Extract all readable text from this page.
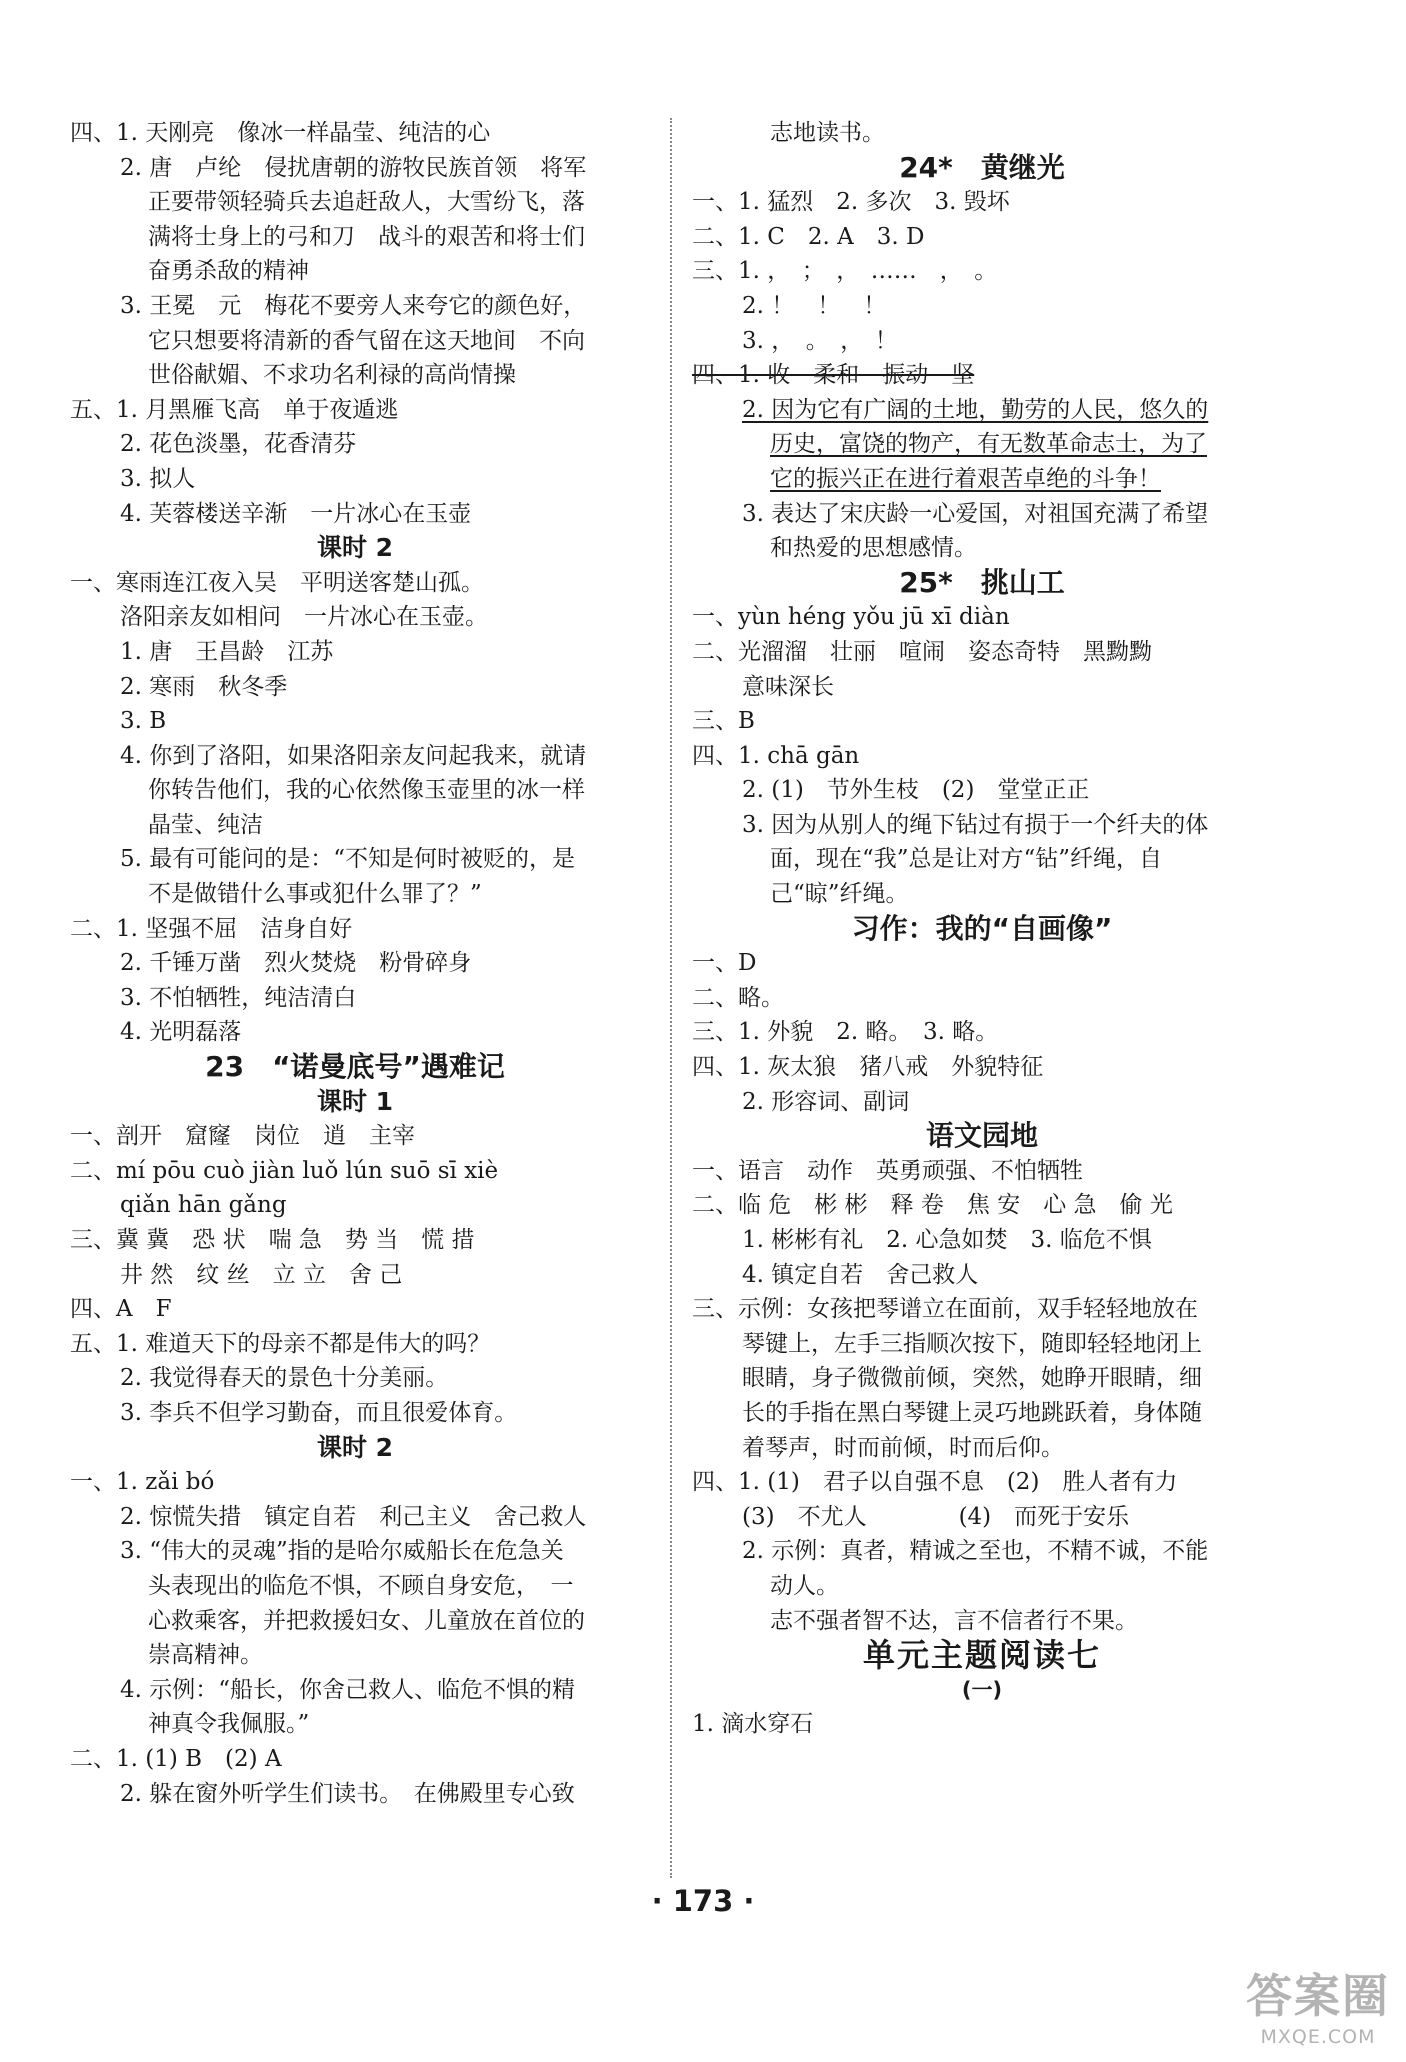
四、1. 天刚亮　像冰一样晶莹、纯洁的心
2. 唐　卢纶　侵扰唐朝的游牧民族首领　将军
正要带领轻骑兵去追赶敌人，大雪纷飞，落
满将士身上的弓和刀　战斗的艰苦和将士们
奋勇杀敌的精神
3. 王冕　元　梅花不要旁人来夸它的颜色好，
它只想要将清新的香气留在这天地间　不向
世俗献媚、不求功名利禄的高尚情操
五、1. 月黑雁飞高　单于夜遁逃
2. 花色淡墨，花香清芬
3. 拟人
4. 芙蓉楼送辛渐　一片冰心在玉壶
课时 2
一、寒雨连江夜入吴　平明送客楚山孤。
洛阳亲友如相问　一片冰心在玉壶。
1. 唐　王昌龄　江苏
2. 寒雨　秋冬季
3. B
4. 你到了洛阳，如果洛阳亲友问起我来，就请
你转告他们，我的心依然像玉壶里的冰一样
晶莹、纯洁
5. 最有可能问的是：“不知是何时被贬的，是
不是做错什么事或犯什么罪了？”
二、1. 坚强不屈　洁身自好
2. 千锤万凿　烈火焚烧　粉骨碎身
3. 不怕牺牲，纯洁清白
4. 光明磊落
23　“诺曼底号”遇难记
课时 1
一、剖开　窟窿　岗位　逍　主宰
二、mí pōu cuò jiàn luǒ lún suō sī xiè
qiǎn hān gǎng
三、冀 冀　恐 状　喘 急　势 当　慌 措
井 然　纹 丝　立 立　舍 己
四、A　F
五、1. 难道天下的母亲不都是伟大的吗？
2. 我觉得春天的景色十分美丽。
3. 李兵不但学习勤奋，而且很爱体育。
课时 2
一、1. zǎi bó
2. 惊慌失措　镇定自若　利己主义　舍己救人
3. “伟大的灵魂”指的是哈尔威船长在危急关
头表现出的临危不惧，不顾自身安危，　一
心救乘客，并把救援妇女、儿童放在首位的
崇高精神。
4. 示例：“船长，你舍己救人、临危不惧的精
神真令我佩服。”
二、1. (1) B　(2) A
2. 躲在窗外听学生们读书。　在佛殿里专心致
志地读书。
24*　黄继光
一、1. 猛烈　2. 多次　3. 毁坏
二、1. C　2. A　3. D
三、1. ，　；　，　……　，　。
2. ！　！　！
3. ，　。　，　！
四、1. 收　柔和　振动　坚
2. 因为它有广阔的土地，勤劳的人民，悠久的
历史，富饶的物产，有无数革命志士，为了
它的振兴正在进行着艰苦卓绝的斗争！
3. 表达了宋庆龄一心爱国，对祖国充满了希望
和热爱的思想感情。
25*　挑山工
一、yùn héng yǒu jū xī diàn
二、光溜溜　壮丽　喧闹　姿态奇特　黑黝黝
意味深长
三、B
四、1. chā gān
2. (1)　节外生枝　(2)　堂堂正正
3. 因为从别人的绳下钻过有损于一个纤夫的体
面，现在“我”总是让对方“钻”纤绳，自
己“晾”纤绳。
习作：我的“自画像”
一、D
二、略。
三、1. 外貌　2. 略。　3. 略。
四、1. 灰太狼　猪八戒　外貌特征
2. 形容词、副词
语文园地
一、语言　动作　英勇顽强、不怕牺牲
二、临 危　彬 彬　释 卷　焦 安　心 急　偷 光
1. 彬彬有礼　2. 心急如焚　3. 临危不惧
4. 镇定自若　舍己救人
三、示例：女孩把琴谱立在面前，双手轻轻地放在
琴键上，左手三指顺次按下，随即轻轻地闭上
眼睛，身子微微前倾，突然，她睁开眼睛，细
长的手指在黑白琴键上灵巧地跳跃着，身体随
着琴声，时而前倾，时而后仰。
四、1. (1)　君子以自强不息　(2)　胜人者有力
(3)　不尤人　　　　(4)　而死于安乐
2. 示例：真者，精诚之至也，不精不诚，不能
动人。
志不强者智不达，言不信者行不果。
单元主题阅读七
(一)
1. 滴水穿石
· 173 ·
答案圈
MXQE.COM
